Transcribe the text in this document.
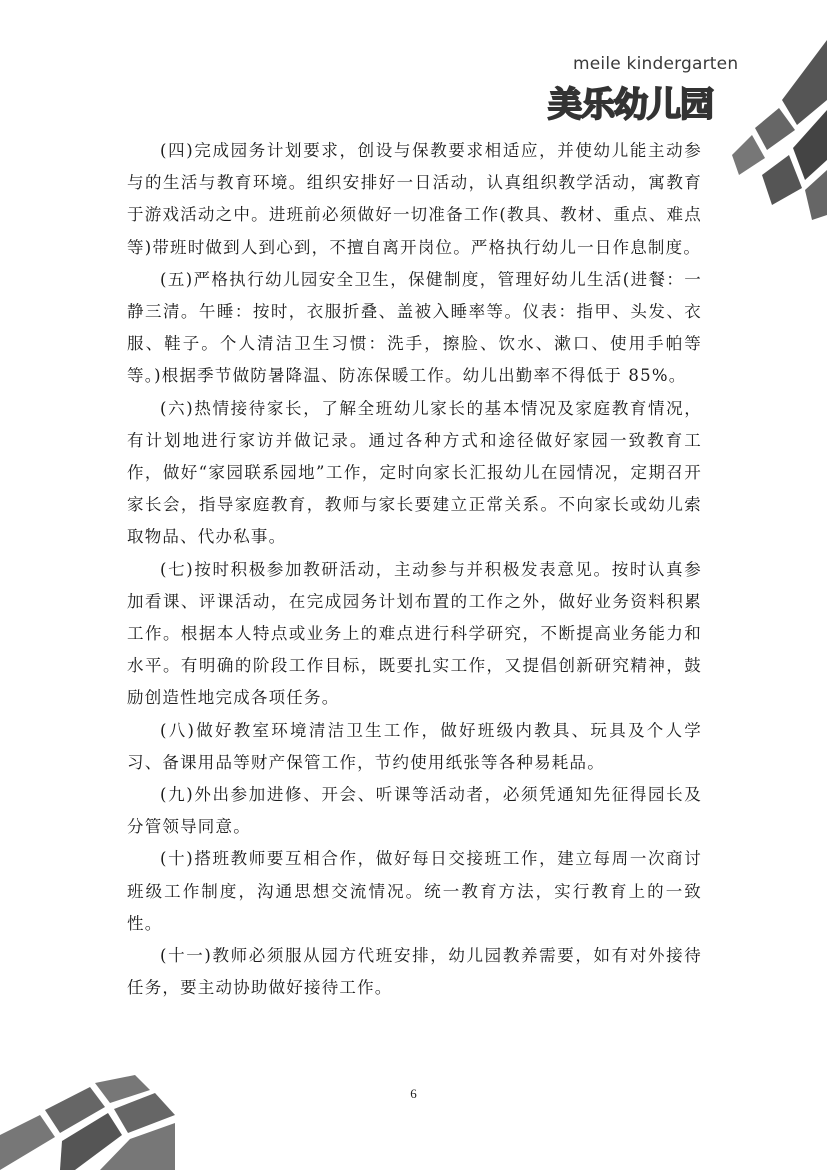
meile kindergarten
美乐幼儿园

(四)完成园务计划要求，创设与保教要求相适应，并使幼儿能主动参与的生活与教育环境。组织安排好一日活动，认真组织教学活动，寓教育于游戏活动之中。进班前必须做好一切准备工作(教具、教材、重点、难点等)带班时做到人到心到，不擅自离开岗位。严格执行幼儿一日作息制度。

(五)严格执行幼儿园安全卫生，保健制度，管理好幼儿生活(进餐：一静三清。午睡：按时，衣服折叠、盖被入睡率等。仪表：指甲、头发、衣服、鞋子。个人清洁卫生习惯：洗手，擦脸、饮水、漱口、使用手帕等等。)根据季节做防暑降温、防冻保暖工作。幼儿出勤率不得低于 85%。

(六)热情接待家长，了解全班幼儿家长的基本情况及家庭教育情况，有计划地进行家访并做记录。通过各种方式和途径做好家园一致教育工作，做好“家园联系园地”工作，定时向家长汇报幼儿在园情况，定期召开家长会，指导家庭教育，教师与家长要建立正常关系。不向家长或幼儿索取物品、代办私事。

(七)按时积极参加教研活动，主动参与并积极发表意见。按时认真参加看课、评课活动，在完成园务计划布置的工作之外，做好业务资料积累工作。根据本人特点或业务上的难点进行科学研究，不断提高业务能力和水平。有明确的阶段工作目标，既要扎实工作，又提倡创新研究精神，鼓励创造性地完成各项任务。

(八)做好教室环境清洁卫生工作，做好班级内教具、玩具及个人学习、备课用品等财产保管工作，节约使用纸张等各种易耗品。

(九)外出参加进修、开会、听课等活动者，必须凭通知先征得园长及分管领导同意。

(十)搭班教师要互相合作，做好每日交接班工作，建立每周一次商讨班级工作制度，沟通思想交流情况。统一教育方法，实行教育上的一致性。

(十一)教师必须服从园方代班安排，幼儿园教养需要，如有对外接待任务，要主动协助做好接待工作。

6
